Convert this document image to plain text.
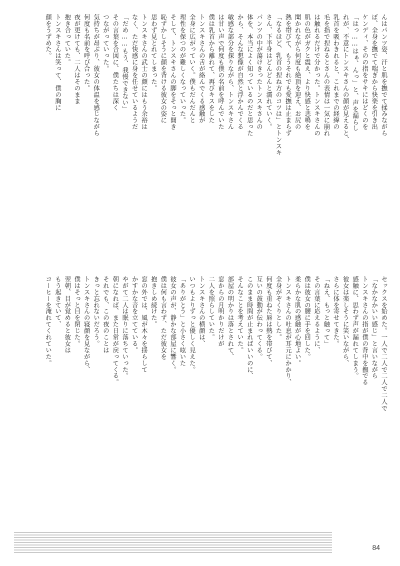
んはパンツ姿、汗と肌を撫でて揉みながら
ぼ、全身を撫でて喘ぎから快楽を引き出
ケンディ、そのの指をサキにはどくのを
「はっ……はぁ、んっ」と、声を漏らし
れが、不意にトンスキさんの顔が見えると、
乳首を吸わきれると、これまでの経緯の
毛を指で捏ねるとさんの表情は一気に崩れ
は触れるだけで分かった。トンスキさんの
肌の色がガクと震え、より快感と悲鳴を
聞かれながら何度も絶頂を迎え、お尻の
熱を帯びて、もうそれでも愛撫は止まらず
「なるほど、乳首の捏ね方のコツは」とトンスキ
さん、下半身はどんどんと濡れていく。
パンツの中が蕩けきったトンスキさんの
体を、本当によく知っているのだと思った
から、そんな想像が自然と浮かんでくる
敏感な部分を探りながら、トンスキさん
は甘い声で何度も僕の名前を呼んでいた
僕は乳首から離れて、再びキスをした
トンスキさんの舌が絡んでくる感触が
全身に広がっていく。僕もだんだんと
理性を保つのが難しくなっていった。
そして、トンスキさんの脚をそっと開き
恥ずかしそうに顔を背ける彼女の姿に
思わず見とれてしまった。
トンスキさんの武士の顔にはもう余裕は
なく、ただ快感に身を任せているようだ
「だめ……もう、我慢できない」
その言葉を合図に、僕たちは深く
つながっていった。
気持ちが昂ぶり、彼女の体温を感じながら
何度も名前を呼び合った。
夜が更けても、二人はそのまま
抱き合っていた。
トンスキさんは笑って、僕の胸に
顔をうずめた。
セックスを始めた。一人で二人で二人で二人で
「なかなかいい感じ」と言いながら
トンスキさんの指が僕の背中を撫でる
感触に、思わず声が漏れてしまう。
彼女は楽しそうに笑いながら、
さらに体を寄せてきた。
「ねえ、もっと触って」
その言葉に応えるように、
僕は彼女の腰に手を回した。
柔らかな肌の感触が心地よい。
トンスキさんの吐息が耳元にかかり、
全身がぞくりとした。
何度も重ねた唇は熱を帯びて、
互いの鼓動が伝わってくる。
このまま時間が止まればいいのに、
そんなことを考えていた。
部屋の明かりは落とされて、
窓からの月明かりだけが
二人を照らしていた。
トンスキさんの横顔は、
いつもよりずっと優しく見えた。
「ありがとう」と小さく呟いた
彼女の声が、静かな部屋に響く。
僕は何も言わず、ただ彼女を
抱きしめ続けた。
窓の外では、風が木々を揺らして
かすかな音を立てている。
やがて二人は眠りに落ちていった。
朝になれば、また日常が戻ってくる。
それでも、この夜のことは
きっと忘れないだろう。
トンスキさんの寝顔を見ながら、
僕はそっと目を閉じた。
翌朝、目が覚めると彼女は
もう起きていて、
コーヒーを淹れてくれていた。
84
